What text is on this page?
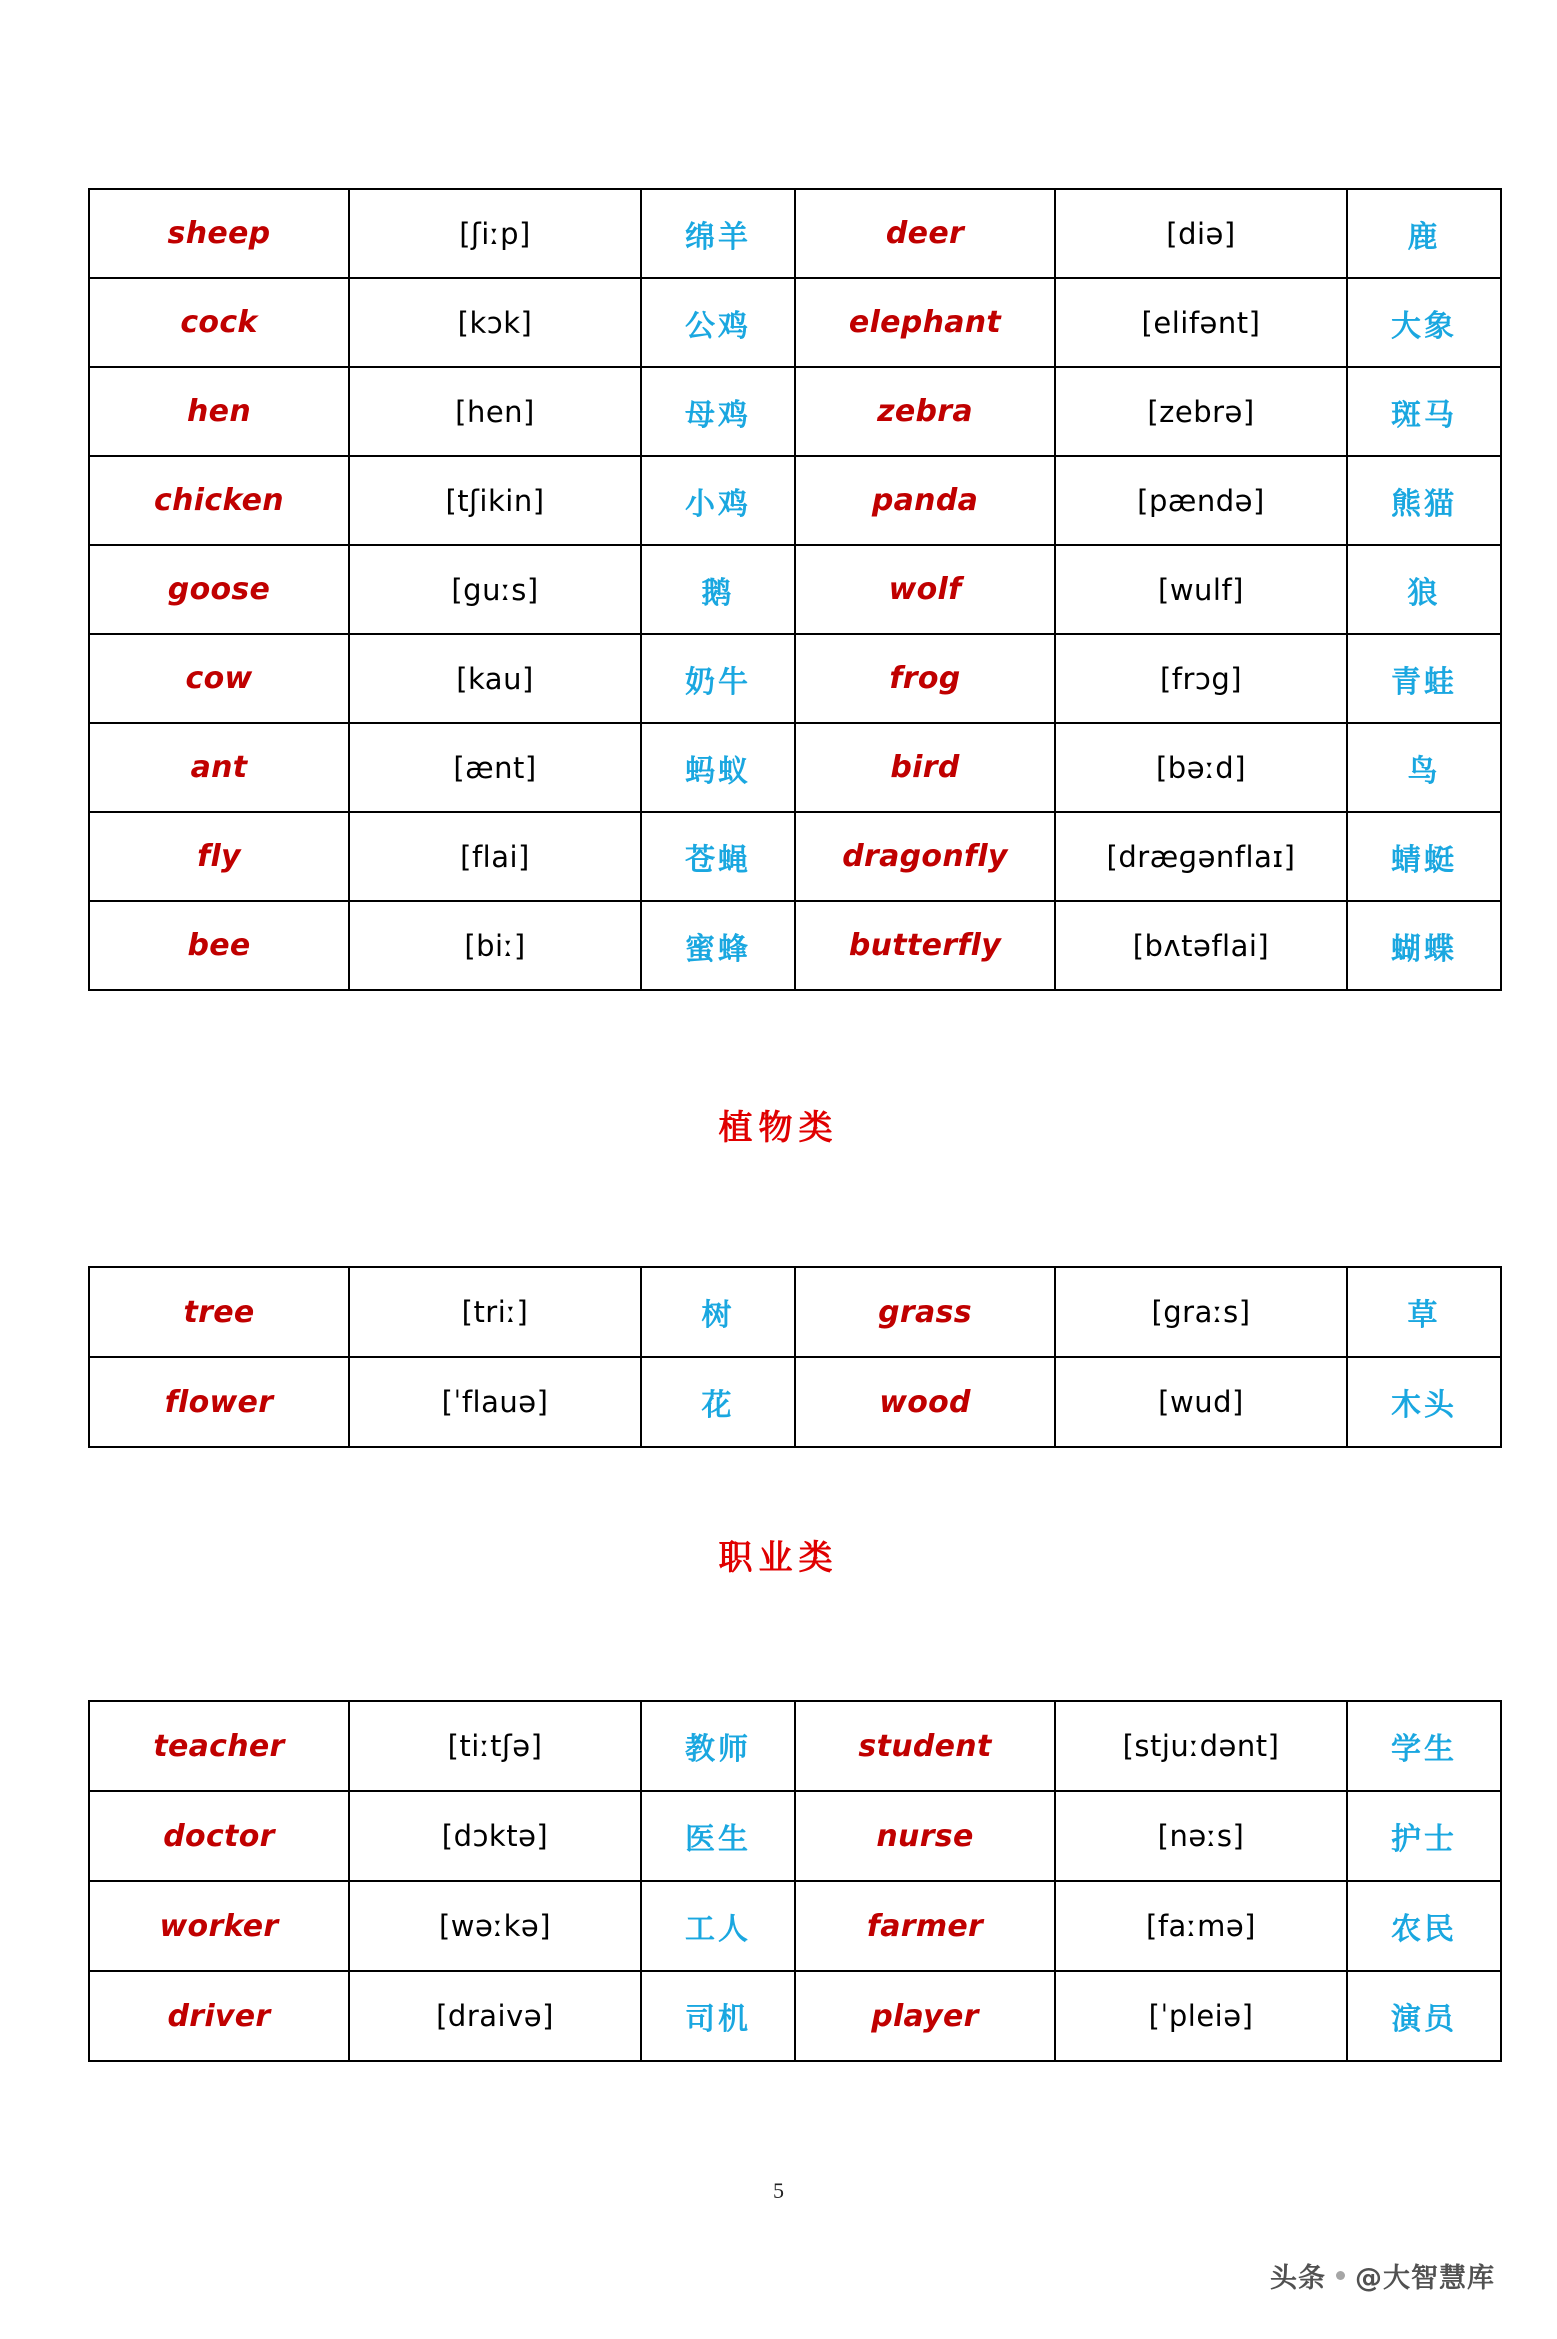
sheep	[ʃiːp]	绵羊	deer	[diə]	鹿
cock	[kɔk]	公鸡	elephant	[elifənt]	大象
hen	[hen]	母鸡	zebra	[zebrə]	斑马
chicken	[tʃikin]	小鸡	panda	[pændə]	熊猫
goose	[guːs]	鹅	wolf	[wulf]	狼
cow	[kau]	奶牛	frog	[frɔg]	青蛙
ant	[ænt]	蚂蚁	bird	[bəːd]	鸟
fly	[flai]	苍蝇	dragonfly	[dræɡənflaɪ]	蜻蜓
bee	[biː]	蜜蜂	butterfly	[bʌtəflai]	蝴蝶
植物类
tree	[triː]	树	grass	[graːs]	草
flower	[ˈflauə]	花	wood	[wud]	木头
职业类
teacher	[tiːtʃə]	教师	student	[stjuːdənt]	学生
doctor	[dɔktə]	医生	nurse	[nəːs]	护士
worker	[wəːkə]	工人	farmer	[faːmə]	农民
driver	[draivə]	司机	player	[ˈpleiə]	演员
5
头条 @大智慧库
